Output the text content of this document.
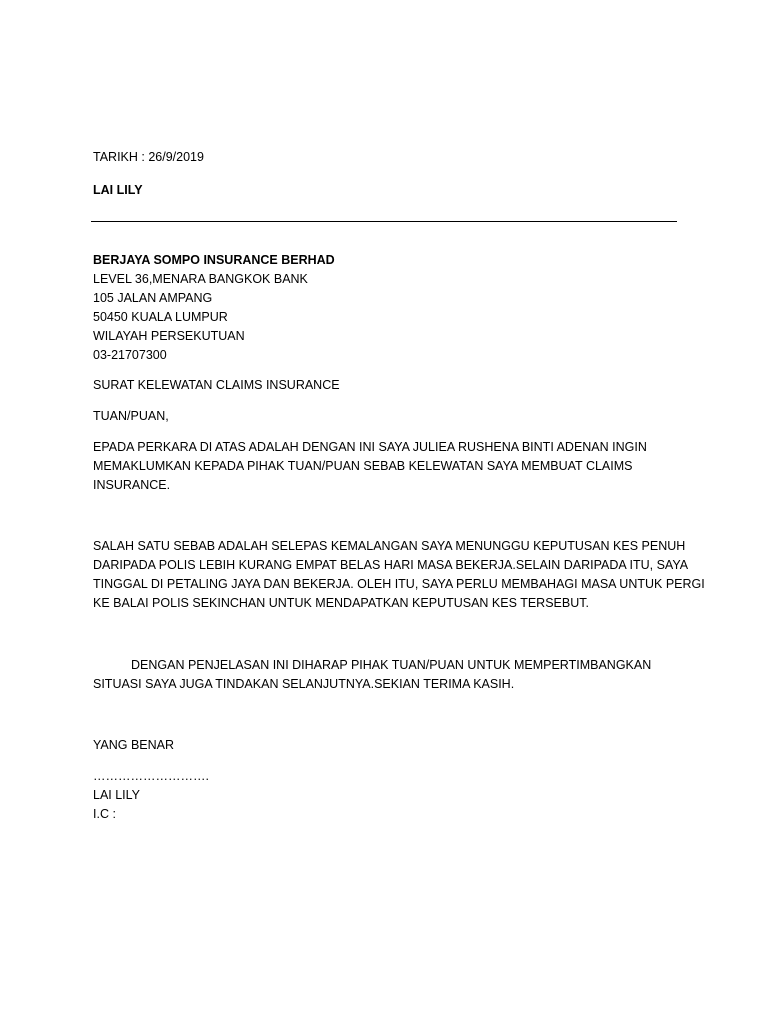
TARIKH : 26/9/2019
LAI LILY
BERJAYA SOMPO INSURANCE BERHAD
LEVEL 36,MENARA BANGKOK BANK
105 JALAN AMPANG
50450 KUALA LUMPUR
WILAYAH PERSEKUTUAN
03-21707300
SURAT KELEWATAN CLAIMS INSURANCE
TUAN/PUAN,
EPADA PERKARA DI ATAS ADALAH DENGAN INI SAYA JULIEA RUSHENA BINTI ADENAN INGIN
MEMAKLUMKAN KEPADA PIHAK TUAN/PUAN SEBAB KELEWATAN SAYA MEMBUAT CLAIMS
INSURANCE.
SALAH SATU SEBAB ADALAH SELEPAS KEMALANGAN SAYA MENUNGGU KEPUTUSAN KES PENUH
DARIPADA POLIS LEBIH KURANG EMPAT BELAS HARI MASA BEKERJA.SELAIN DARIPADA ITU, SAYA
TINGGAL DI PETALING JAYA DAN BEKERJA. OLEH ITU, SAYA PERLU MEMBAHAGI MASA UNTUK PERGI
KE BALAI POLIS SEKINCHAN UNTUK MENDAPATKAN KEPUTUSAN KES TERSEBUT.
DENGAN PENJELASAN INI DIHARAP PIHAK TUAN/PUAN UNTUK MEMPERTIMBANGKAN
SITUASI SAYA JUGA TINDAKAN SELANJUTNYA.SEKIAN TERIMA KASIH.
YANG BENAR
……………………….
LAI LILY
I.C :
